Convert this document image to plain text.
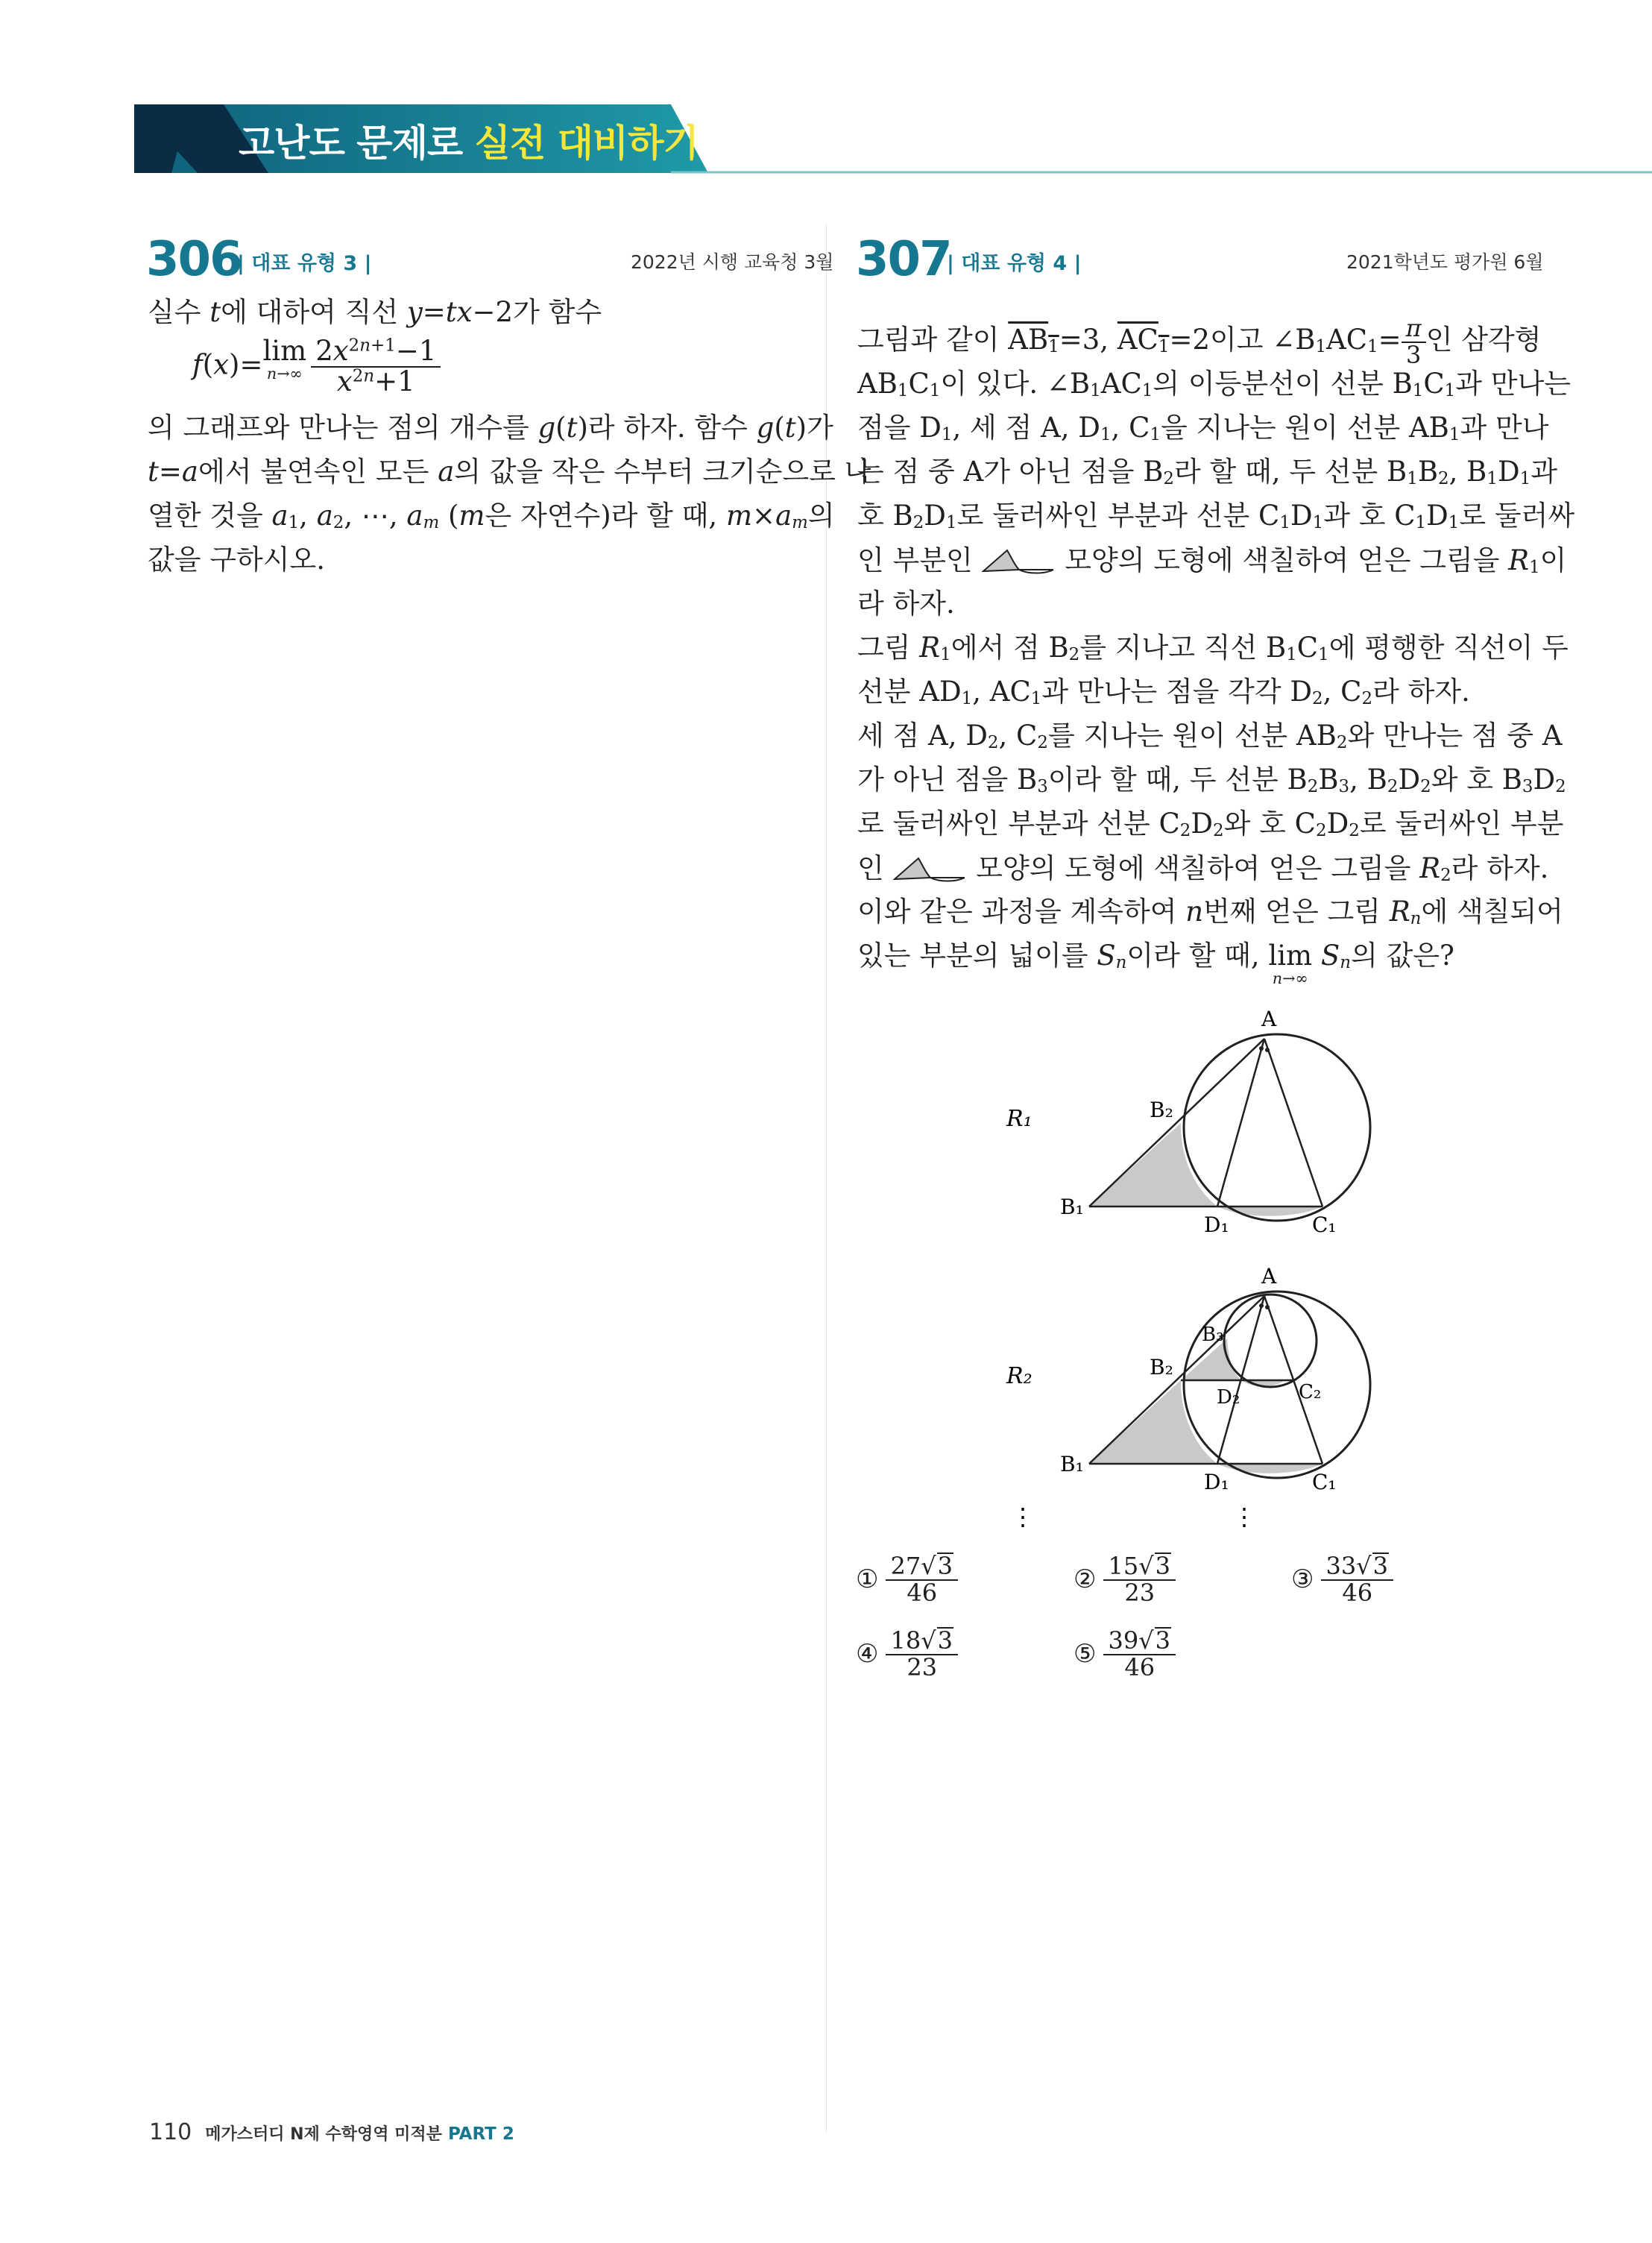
고난도 문제로 실전 대비하기
306
| 대표 유형 3 |	2022년 시행 교육청 3월
실수 t에 대하여 직선 y=tx−2가 함수
f(x)=lim
$n\to\infty \frac{2x^{2n+1}-1}{x^{2n}+1}$
의 그래프와 만나는 점의 개수를 g(t)라 하자. 함수 g(t)가
t=a에서 불연속인 모든 a의 값을 작은 수부터 크기순으로 나
열한 것을 $a_1$, $a_2$, ⋯, $a_m$ (m은 자연수)라 할 때, $m\times a_m$의
값을 구하시오.
307
| 대표 유형 4 |	2021학년도 평가원 6월
그림과 같이 $AB_1=3$, $AC_1=2$이고 $\angle B_1AC_1= \frac{\pi}{3}$ 인 삼각형
$AB_1C_1$이 있다. $\angle B_1AC_1$의 이등분선이 선분 $B_1C_1$과 만나는
점을 $D_1$, 세 점 A, $D_1$, $C_1$을 지나는 원이 선분 $AB_1$과 만나
는 점 중 A가 아닌 점을 $B_2$라 할 때, 두 선분 $B_1B_2$, $B_1D_1$과
호 $B_2D_1$로 둘러싸인 부분과 선분 $C_1D_1$과 호 $C_1D_1$로 둘러싸
인 부분인	모양의 도형에 색칠하여 얻은 그림을 $R_1$이
라 하자.
그림 $R_1$에서 점 $B_2$를 지나고 직선 $B_1C_1$에 평행한 직선이 두
선분 $AD_1$, $AC_1$과 만나는 점을 각각 $D_2$, $C_2$라 하자.
세 점 A, $D_2$, $C_2$를 지나는 원이 선분 $AB_2$와 만나는 점 중 A
가 아닌 점을 $B_3$이라 할 때, 두 선분 $B_2B_3$, $B_2D_2$와 호 $B_3D_2$
로 둘러싸인 부분과 선분 $C_2D_2$와 호 $C_2D_2$로 둘러싸인 부분
인	모양의 도형에 색칠하여 얻은 그림을 $R_2$라 하자.
이와 같은 과정을 계속하여 n번째 얻은 그림 $R_n$에 색칠되어
있는 부분의 넓이를 $S_n$이라 할 때, lim
n→∞
$S_n$의 값은?
R₁
A
B₂
B₁
D₁	C₁
R₂
A
B₃
B₂
D₂	C₂
B₁
D₁	C₁
⋮	⋮
① $\frac{27√3}{46}$	② $\frac{15√3}{23}$	③ $\frac{33√3}{46}$
④ $\frac{18√3}{23}$	⑤ $\frac{39√3}{46}$
110 메가스터디 N제 수학영역 미적분 PART 2
